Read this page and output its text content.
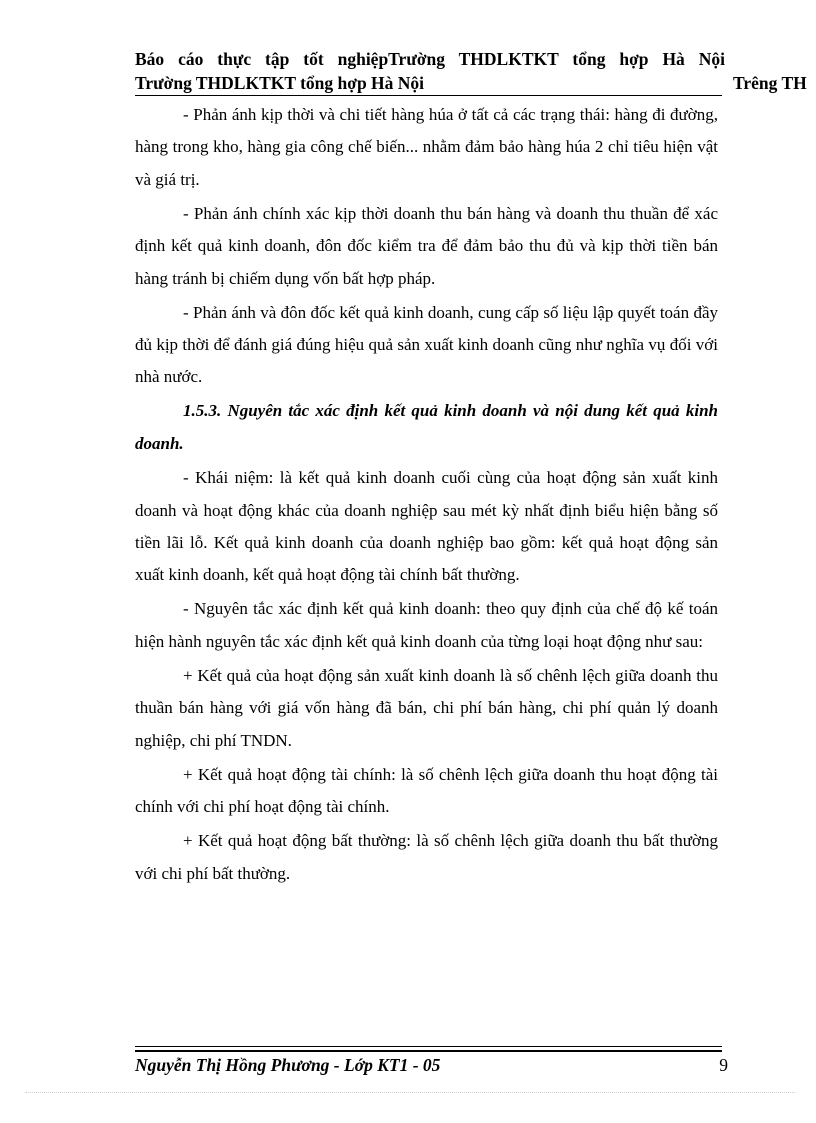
Báo cáo thực tập tốt nghiệpTrường THDLKTKT tổng hợp Hà Nội
Trường THDLKTKT tổng hợp Hà Nội	Trêng TH

- Phản ánh kịp thời và chi tiết hàng húa ở tất cả các trạng thái: hàng đi đường, hàng trong kho, hàng gia công chế biến... nhằm đảm bảo hàng húa 2 chỉ tiêu hiện vật và giá trị.

- Phản ánh chính xác kịp thời doanh thu bán hàng và doanh thu thuần để xác định kết quả kinh doanh, đôn đốc kiểm tra để đảm bảo thu đủ và kịp thời tiền bán hàng tránh bị chiếm dụng vốn bất hợp pháp.

- Phản ánh và đôn đốc kết quả kinh doanh, cung cấp số liệu lập quyết toán đầy đủ kịp thời để đánh giá đúng hiệu quả sản xuất kinh doanh cũng như nghĩa vụ đối với nhà nước.

1.5.3. Nguyên tắc xác định kết quả kinh doanh và nội dung kết quả kinh doanh.

- Khái niệm: là kết quả kinh doanh cuối cùng của hoạt động sản xuất kinh doanh và hoạt động khác của doanh nghiệp sau mét kỳ nhất định biểu hiện bằng số tiền lãi lỗ. Kết quả kinh doanh của doanh nghiệp bao gồm: kết quả hoạt động sản xuất kinh doanh, kết quả hoạt động tài chính bất thường.

- Nguyên tắc xác định kết quả kinh doanh: theo quy định của chế độ kế toán hiện hành nguyên tắc xác định kết quả kinh doanh của từng loại hoạt động như sau:

+ Kết quả của hoạt động sản xuất kinh doanh là số chênh lệch giữa doanh thu thuần bán hàng với giá vốn hàng đã bán, chi phí bán hàng, chi phí quản lý doanh nghiệp, chi phí TNDN.

+ Kết quả hoạt động tài chính: là số chênh lệch giữa doanh thu hoạt động tài chính với chi phí hoạt động tài chính.

+ Kết quả hoạt động bất thường: là số chênh lệch giữa doanh thu bất thường với chi phí bất thường.

Nguyễn Thị Hồng Phương - Lớp KT1 - 05	9
